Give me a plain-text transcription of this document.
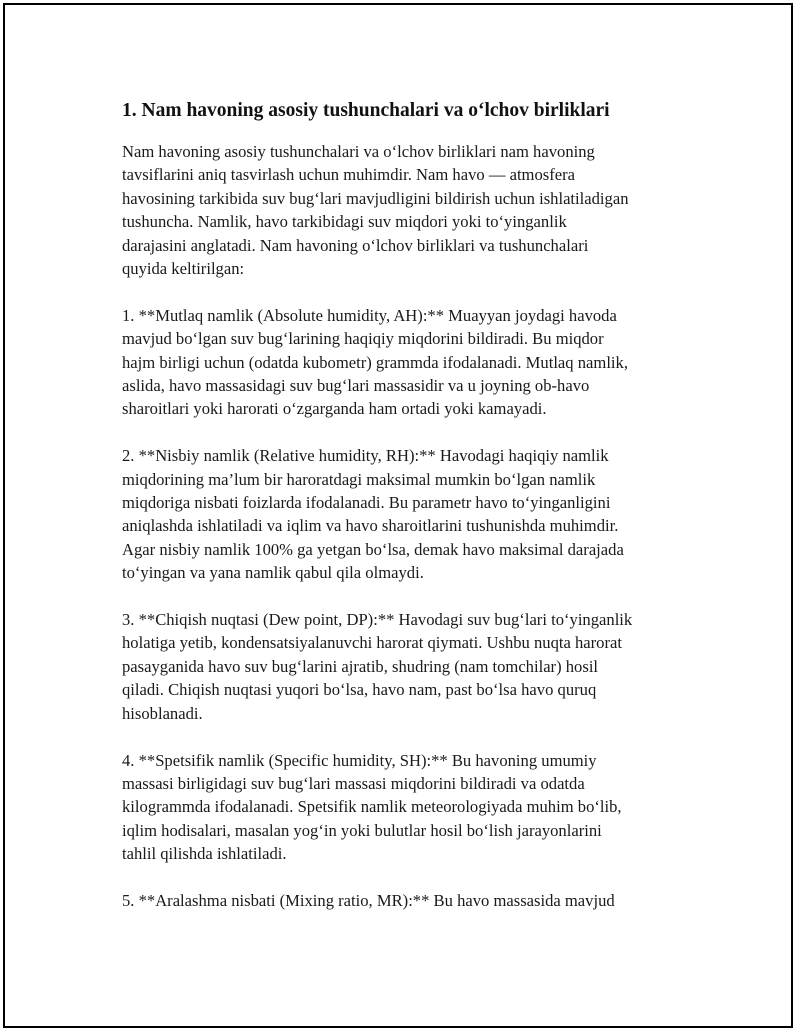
1. Nam havoning asosiy tushunchalari va o‘lchov birliklari

Nam havoning asosiy tushunchalari va o‘lchov birliklari nam havoning
tavsiflarini aniq tasvirlash uchun muhimdir. Nam havo — atmosfera
havosining tarkibida suv bug‘lari mavjudligini bildirish uchun ishlatiladigan
tushuncha. Namlik, havo tarkibidagi suv miqdori yoki to‘yinganlik
darajasini anglatadi. Nam havoning o‘lchov birliklari va tushunchalari
quyida keltirilgan:

1. **Mutlaq namlik (Absolute humidity, AH):** Muayyan joydagi havoda
mavjud bo‘lgan suv bug‘larining haqiqiy miqdorini bildiradi. Bu miqdor
hajm birligi uchun (odatda kubometr) grammda ifodalanadi. Mutlaq namlik,
aslida, havo massasidagi suv bug‘lari massasidir va u joyning ob-havo
sharoitlari yoki harorati o‘zgarganda ham ortadi yoki kamayadi.

2. **Nisbiy namlik (Relative humidity, RH):** Havodagi haqiqiy namlik
miqdorining ma’lum bir haroratdagi maksimal mumkin bo‘lgan namlik
miqdoriga nisbati foizlarda ifodalanadi. Bu parametr havo to‘yinganligini
aniqlashda ishlatiladi va iqlim va havo sharoitlarini tushunishda muhimdir.
Agar nisbiy namlik 100% ga yetgan bo‘lsa, demak havo maksimal darajada
to‘yingan va yana namlik qabul qila olmaydi.

3. **Chiqish nuqtasi (Dew point, DP):** Havodagi suv bug‘lari to‘yinganlik
holatiga yetib, kondensatsiyalanuvchi harorat qiymati. Ushbu nuqta harorat
pasayganida havo suv bug‘larini ajratib, shudring (nam tomchilar) hosil
qiladi. Chiqish nuqtasi yuqori bo‘lsa, havo nam, past bo‘lsa havo quruq
hisoblanadi.

4. **Spetsifik namlik (Specific humidity, SH):** Bu havoning umumiy
massasi birligidagi suv bug‘lari massasi miqdorini bildiradi va odatda
kilogrammda ifodalanadi. Spetsifik namlik meteorologiyada muhim bo‘lib,
iqlim hodisalari, masalan yog‘in yoki bulutlar hosil bo‘lish jarayonlarini
tahlil qilishda ishlatiladi.

5. **Aralashma nisbati (Mixing ratio, MR):** Bu havo massasida mavjud
